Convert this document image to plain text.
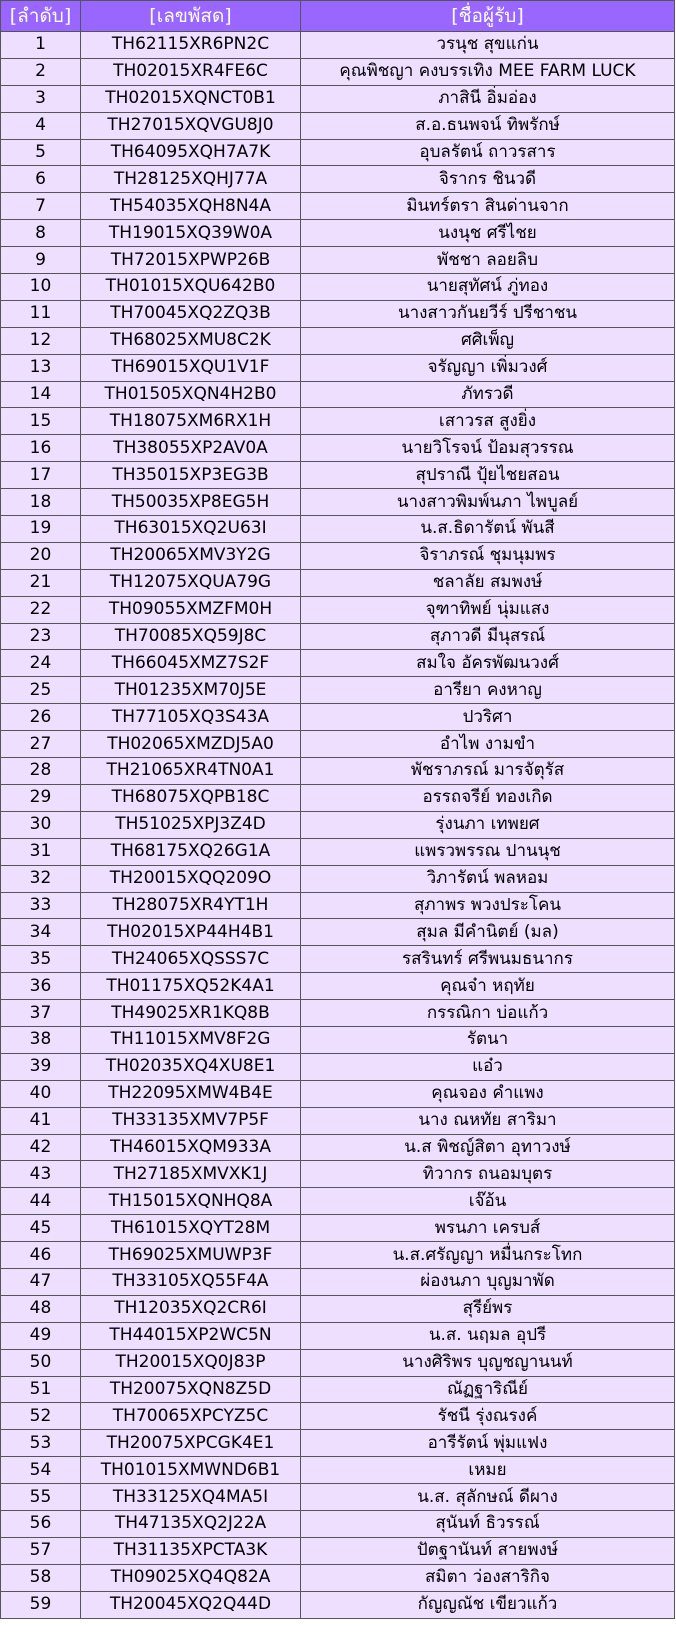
[ลำดับ]	[เลขพัสด]	[ชื่อผู้รับ]
1	TH62115XR6PN2C	วรนุช สุขแก่น
2	TH02015XR4FE6C	คุณพิชญา คงบรรเทิง MEE FARM LUCK
3	TH02015XQNCT0B1	ภาสินี อิ่มอ่อง
4	TH27015XQVGU8J0	ส.อ.ธนพจน์ ทิพรักษ์
5	TH64095XQH7A7K	อุบลรัตน์ ถาวรสาร
6	TH28125XQHJ77A	จิรากร ชินวดี
7	TH54035XQH8N4A	มินทร์ตรา สินด่านจาก
8	TH19015XQ39W0A	นงนุช ศรีไชย
9	TH72015XPWP26B	พัชชา ลอยลิบ
10	TH01015XQU642B0	นายสุทัศน์ ภู่ทอง
11	TH70045XQ2ZQ3B	นางสาวกันยวีร์ ปรีชาชน
12	TH68025XMU8C2K	ศศิเพ็ญ
13	TH69015XQU1V1F	จรัญญา เพิ่มวงศ์
14	TH01505XQN4H2B0	ภัทรวดี
15	TH18075XM6RX1H	เสาวรส สูงยิ่ง
16	TH38055XP2AV0A	นายวิโรจน์ ป้อมสุวรรณ
17	TH35015XP3EG3B	สุปราณี ปุ้ยไชยสอน
18	TH50035XP8EG5H	นางสาวพิมพ์นภา ไพบูลย์
19	TH63015XQ2U63I	น.ส.ธิดารัตน์ พันสี
20	TH20065XMV3Y2G	จิราภรณ์ ชุมนุมพร
21	TH12075XQUA79G	ชลาลัย สมพงษ์
22	TH09055XMZFM0H	จุฑาทิพย์ นุ่มแสง
23	TH70085XQ59J8C	สุภาวดี มีนุสรณ์
24	TH66045XMZ7S2F	สมใจ อัครพัฒนวงศ์
25	TH01235XM70J5E	อารียา คงหาญ
26	TH77105XQ3S43A	ปวริศา
27	TH02065XMZDJ5A0	อำไพ งามขำ
28	TH21065XR4TN0A1	พัชราภรณ์ มารจัตุรัส
29	TH68075XQPB18C	อรรถจรีย์ ทองเกิด
30	TH51025XPJ3Z4D	รุ่งนภา เทพยศ
31	TH68175XQ26G1A	แพรวพรรณ ปานนุช
32	TH20015XQQ209O	วิภารัตน์ พลหอม
33	TH28075XR4YT1H	สุภาพร พวงประโคน
34	TH02015XP44H4B1	สุมล มีคำนิตย์ (มล)
35	TH24065XQSSS7C	รสรินทร์ ศรีพนมธนากร
36	TH01175XQ52K4A1	คุณจ๋า หฤทัย
37	TH49025XR1KQ8B	กรรณิกา บ่อแก้ว
38	TH11015XMV8F2G	รัตนา
39	TH02035XQ4XU8E1	แอ๋ว
40	TH22095XMW4B4E	คุณจอง คำแพง
41	TH33135XMV7P5F	นาง ณหทัย สาริมา
42	TH46015XQM933A	น.ส พิชญ์สิตา อุทาวงษ์
43	TH27185XMVXK1J	ทิวากร ถนอมบุตร
44	TH15015XQNHQ8A	เจ๊อ้น
45	TH61015XQYT28M	พรนภา เครบส์
46	TH69025XMUWP3F	น.ส.ศรัญญา หมื่นกระโทก
47	TH33105XQ55F4A	ผ่องนภา บุญมาพัด
48	TH12035XQ2CR6I	สุรีย์พร
49	TH44015XP2WC5N	น.ส. นฤมล อุปรี
50	TH20015XQ0J83P	นางศิริพร บุญชญานนท์
51	TH20075XQN8Z5D	ณัฏฐาริณีย์
52	TH70065XPCYZ5C	รัชนี รุ่งณรงค์
53	TH20075XPCGK4E1	อารีรัตน์ พุ่มแฟง
54	TH01015XMWND6B1	เหมย
55	TH33125XQ4MA5I	น.ส. สุลักษณ์ ดีผาง
56	TH47135XQ2J22A	สุนันท์ ธิวรรณ์
57	TH31135XPCTA3K	ปัตฐานันท์ สายพงษ์
58	TH09025XQ4Q82A	สมิตา ว่องสาริกิจ
59	TH20045XQ2Q44D	กัญญณัช เขียวแก้ว
